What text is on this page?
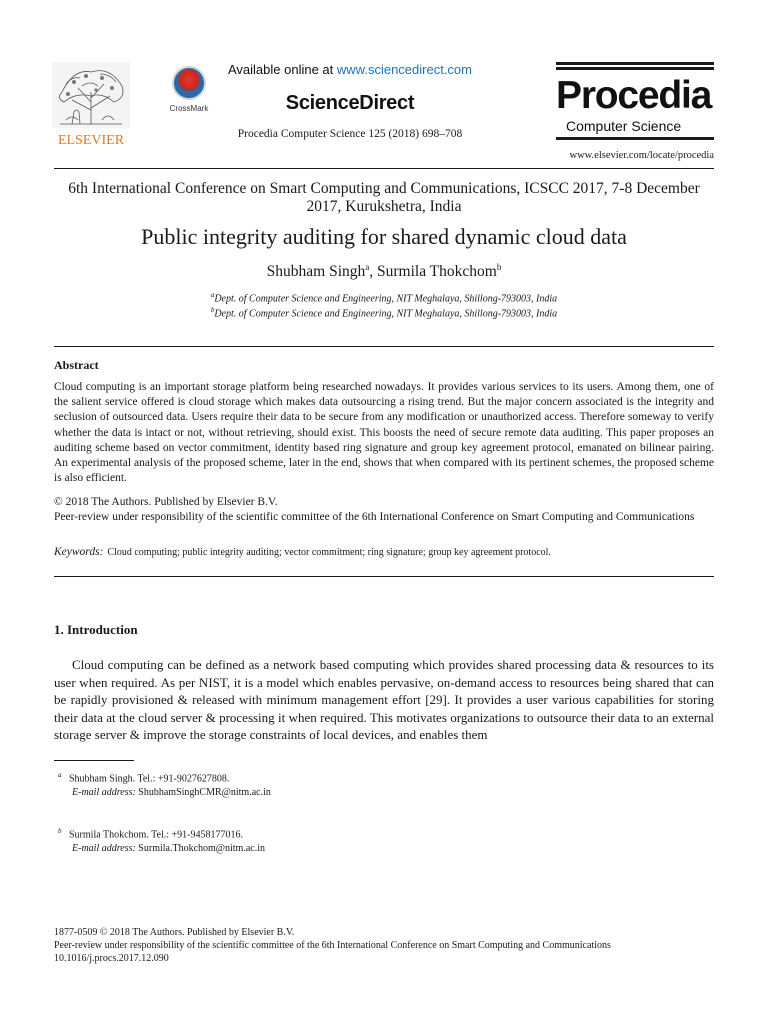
ELSEVIER
CrossMark
Available online at www.sciencedirect.com
ScienceDirect
Procedia Computer Science 125 (2018) 698–708
Procedia
Computer Science
www.elsevier.com/locate/procedia
6th International Conference on Smart Computing and Communications, ICSCC 2017, 7-8 December 2017, Kurukshetra, India
Public integrity auditing for shared dynamic cloud data
Shubham Singh$^a$, Surmila Thokchom$^b$
$^a$Dept. of Computer Science and Engineering, NIT Meghalaya, Shillong-793003, India
$^b$Dept. of Computer Science and Engineering, NIT Meghalaya, Shillong-793003, India
Abstract
Cloud computing is an important storage platform being researched nowadays. It provides various services to its users. Among them, one of the salient service offered is cloud storage which makes data outsourcing a rising trend. But the major concern associated is the integrity and seclusion of outsourced data. Users require their data to be secure from any modification or unauthorized access. Therefore someway to verify whether the data is intact or not, without retrieving, should exist. This boosts the need of secure remote data auditing. This paper proposes an auditing scheme based on vector commitment, identity based ring signature and group key agreement protocol, emanated on bilinear pairing. An experimental analysis of the proposed scheme, later in the end, shows that when compared with its pertinent schemes, the proposed scheme is also efficient.
© 2018 The Authors. Published by Elsevier B.V.
Peer-review under responsibility of the scientific committee of the 6th International Conference on Smart Computing and Communications
Keywords: Cloud computing; public integrity auditing; vector commitment; ring signature; group key agreement protocol.
1. Introduction
Cloud computing can be defined as a network based computing which provides shared processing data & resources to its user when required. As per NIST, it is a model which enables pervasive, on-demand access to resources being shared that can be rapidly provisioned & released with minimum management effort [29]. It provides a user various capabilities for storing their data at the cloud server & processing it when required. This motivates organizations to outsource their data to an external storage server & improve the storage constraints of local devices, and enables them
$^a$ Shubham Singh. Tel.: +91-9027627808.
E-mail address: ShubhamSinghCMR@nitm.ac.in
$^b$ Surmila Thokchom. Tel.: +91-9458177016.
E-mail address: Surmila.Thokchom@nitm.ac.in
1877-0509 © 2018 The Authors. Published by Elsevier B.V.
Peer-review under responsibility of the scientific committee of the 6th International Conference on Smart Computing and Communications
10.1016/j.procs.2017.12.090
